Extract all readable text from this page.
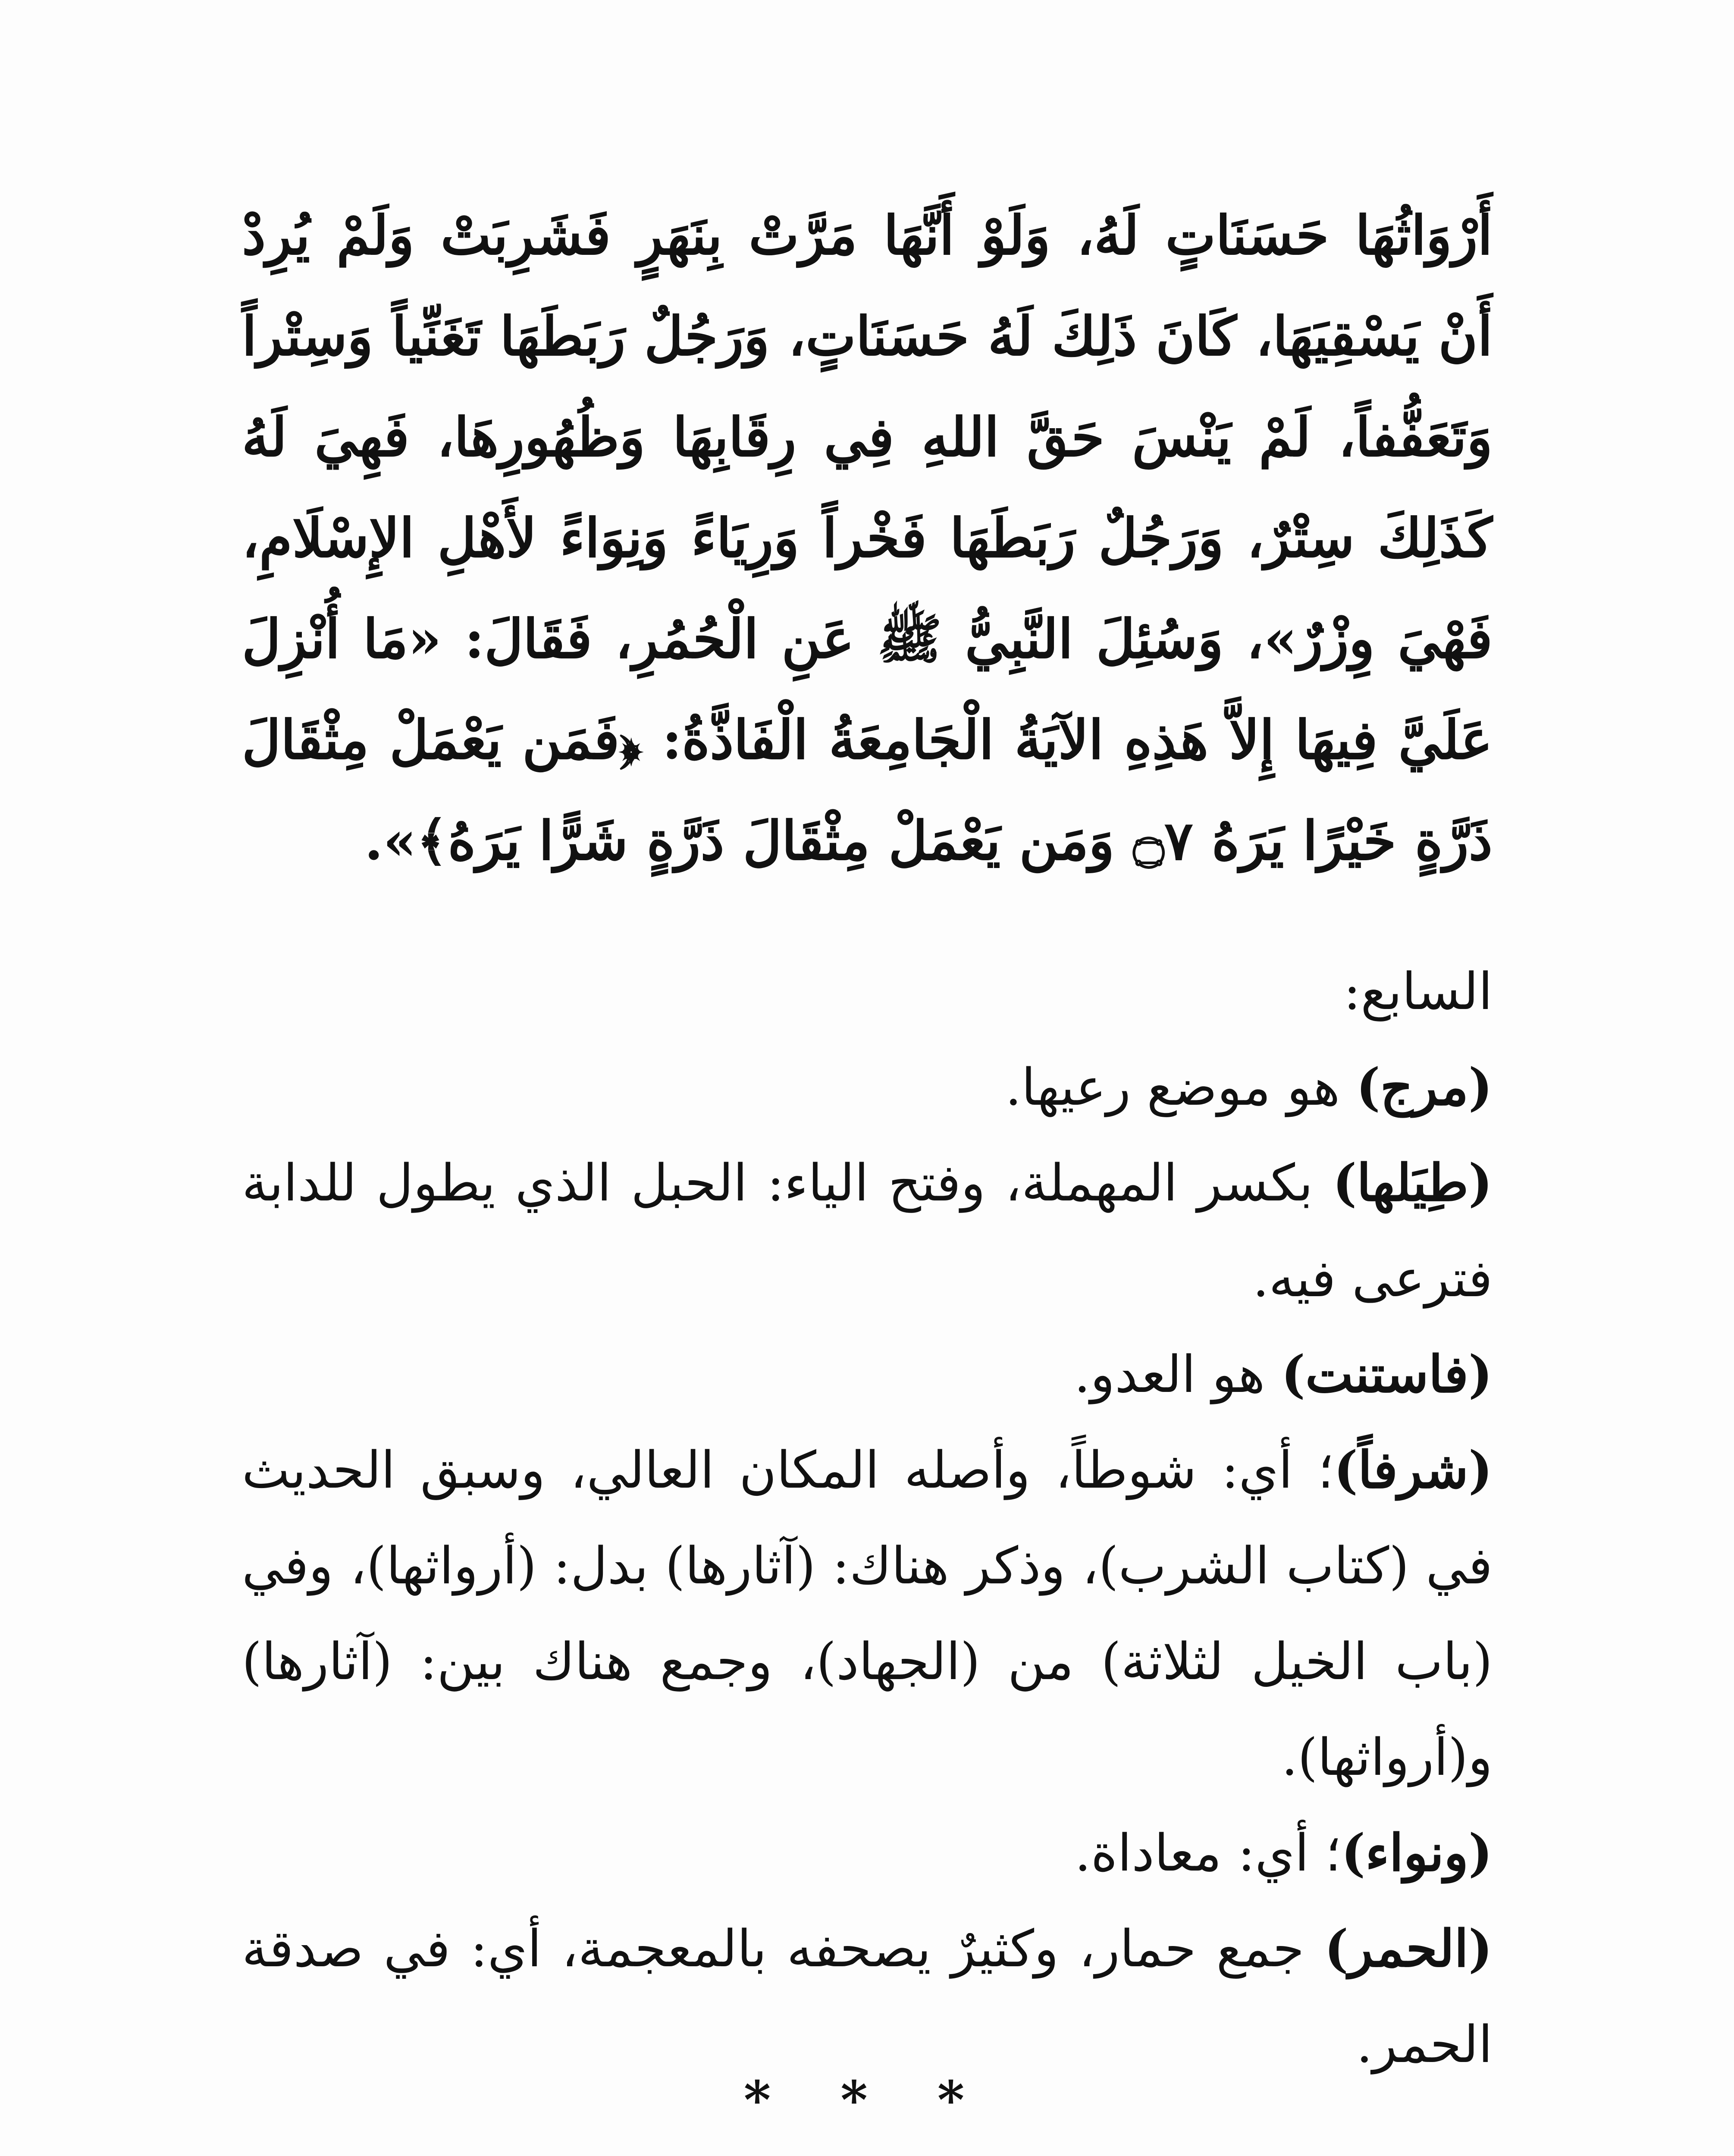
أَرْوَاثُهَا حَسَنَاتٍ لَهُ، وَلَوْ أَنَّهَا مَرَّتْ بِنَهَرٍ فَشَرِبَتْ وَلَمْ يُرِدْ أَنْ يَسْقِيَهَا، كَانَ ذَلِكَ لَهُ حَسَنَاتٍ، وَرَجُلٌ رَبَطَهَا تَغَنِّياً وَسِتْراً وَتَعَفُّفاً، لَمْ يَنْسَ حَقَّ اللهِ فِي رِقَابِهَا وَظُهُورِهَا، فَهِيَ لَهُ كَذَلِكَ سِتْرٌ، وَرَجُلٌ رَبَطَهَا فَخْراً وَرِيَاءً وَنِوَاءً لأَهْلِ الإِسْلَامِ، فَهْيَ وِزْرٌ»، وَسُئِلَ النَّبِيُّ ﷺ عَنِ الْحُمُرِ، فَقَالَ: «مَا أُنْزِلَ عَلَيَّ فِيهَا إِلاَّ هَذِهِ الآيَةُ الْجَامِعَةُ الْفَاذَّةُ: ﴿فَمَن يَعْمَلْ مِثْقَالَ ذَرَّةٍ خَيْرًا يَرَهُ ۝٧ وَمَن يَعْمَلْ مِثْقَالَ ذَرَّةٍ شَرًّا يَرَهُ﴾».

السابع:

(مرج) هو موضع رعيها.

(طِيَلها) بكسر المهملة، وفتح الياء: الحبل الذي يطول للدابة فترعى فيه.

(فاستنت) هو العدو.

(شرفاً)؛ أي: شوطاً، وأصله المكان العالي، وسبق الحديث في (كتاب الشرب)، وذكر هناك: (آثارها) بدل: (أرواثها)، وفي (باب الخيل لثلاثة) من (الجهاد)، وجمع هناك بين: (آثارها) و(أرواثها).

(ونواء)؛ أي: معاداة.

(الحمر) جمع حمار، وكثيرٌ يصحفه بالمعجمة، أي: في صدقة الحمر.

* * *
